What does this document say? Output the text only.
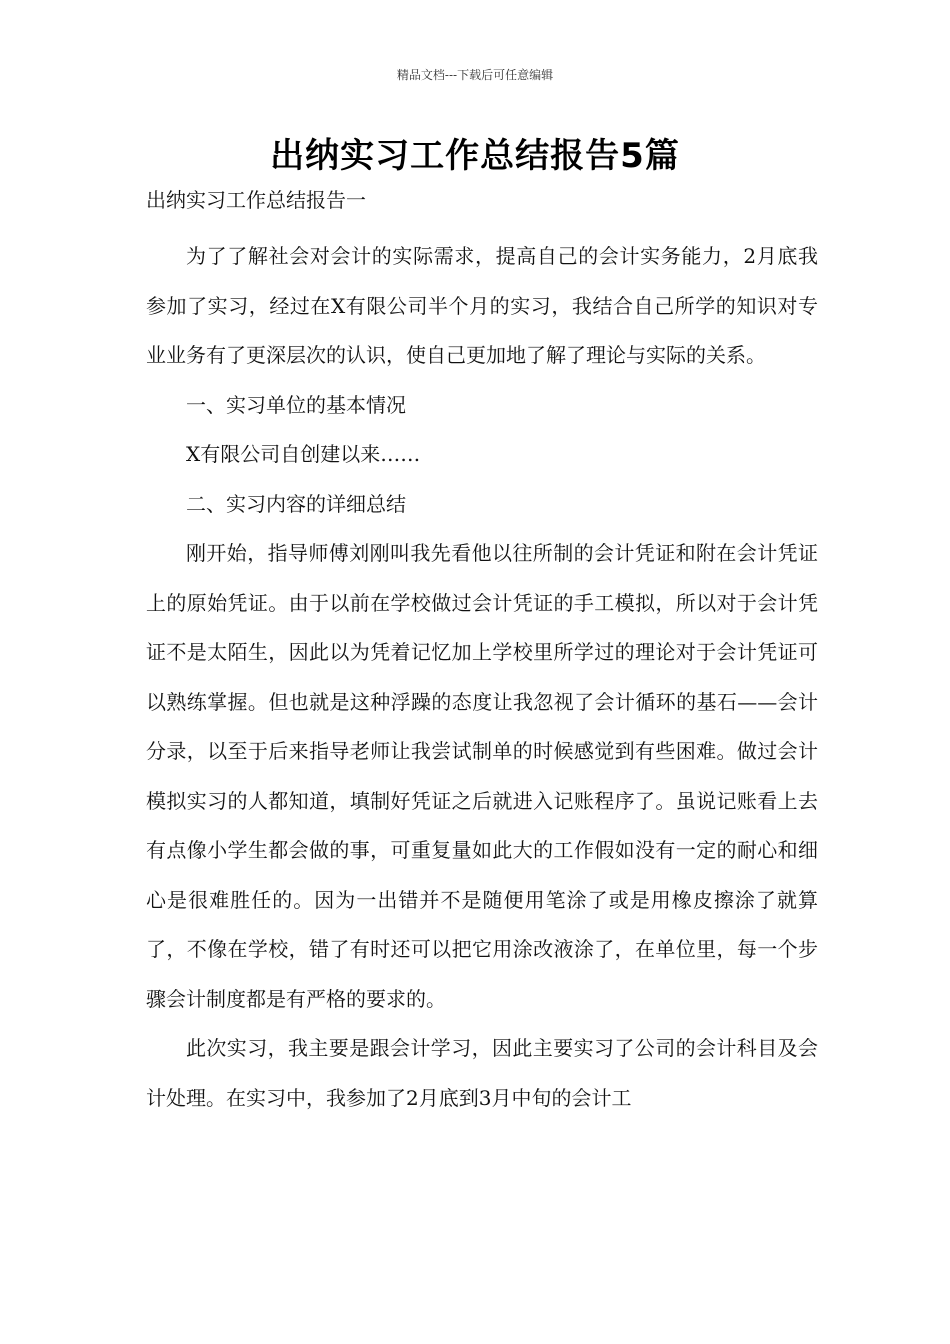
精品文档---下载后可任意编辑
出纳实习工作总结报告5篇
出纳实习工作总结报告一

为了了解社会对会计的实际需求，提高自己的会计实务能力，2月底我参加了实习，经过在X有限公司半个月的实习，我结合自己所学的知识对专业业务有了更深层次的认识，使自己更加地了解了理论与实际的关系。

一、实习单位的基本情况

X有限公司自创建以来……

二、实习内容的详细总结

刚开始，指导师傅刘刚叫我先看他以往所制的会计凭证和附在会计凭证上的原始凭证。由于以前在学校做过会计凭证的手工模拟，所以对于会计凭证不是太陌生，因此以为凭着记忆加上学校里所学过的理论对于会计凭证可以熟练掌握。但也就是这种浮躁的态度让我忽视了会计循环的基石——会计分录，以至于后来指导老师让我尝试制单的时候感觉到有些困难。做过会计模拟实习的人都知道，填制好凭证之后就进入记账程序了。虽说记账看上去有点像小学生都会做的事，可重复量如此大的工作假如没有一定的耐心和细心是很难胜任的。因为一出错并不是随便用笔涂了或是用橡皮擦涂了就算了，不像在学校，错了有时还可以把它用涂改液涂了，在单位里，每一个步骤会计制度都是有严格的要求的。

此次实习，我主要是跟会计学习，因此主要实习了公司的会计科目及会计处理。在实习中，我参加了2月底到3月中旬的会计工
